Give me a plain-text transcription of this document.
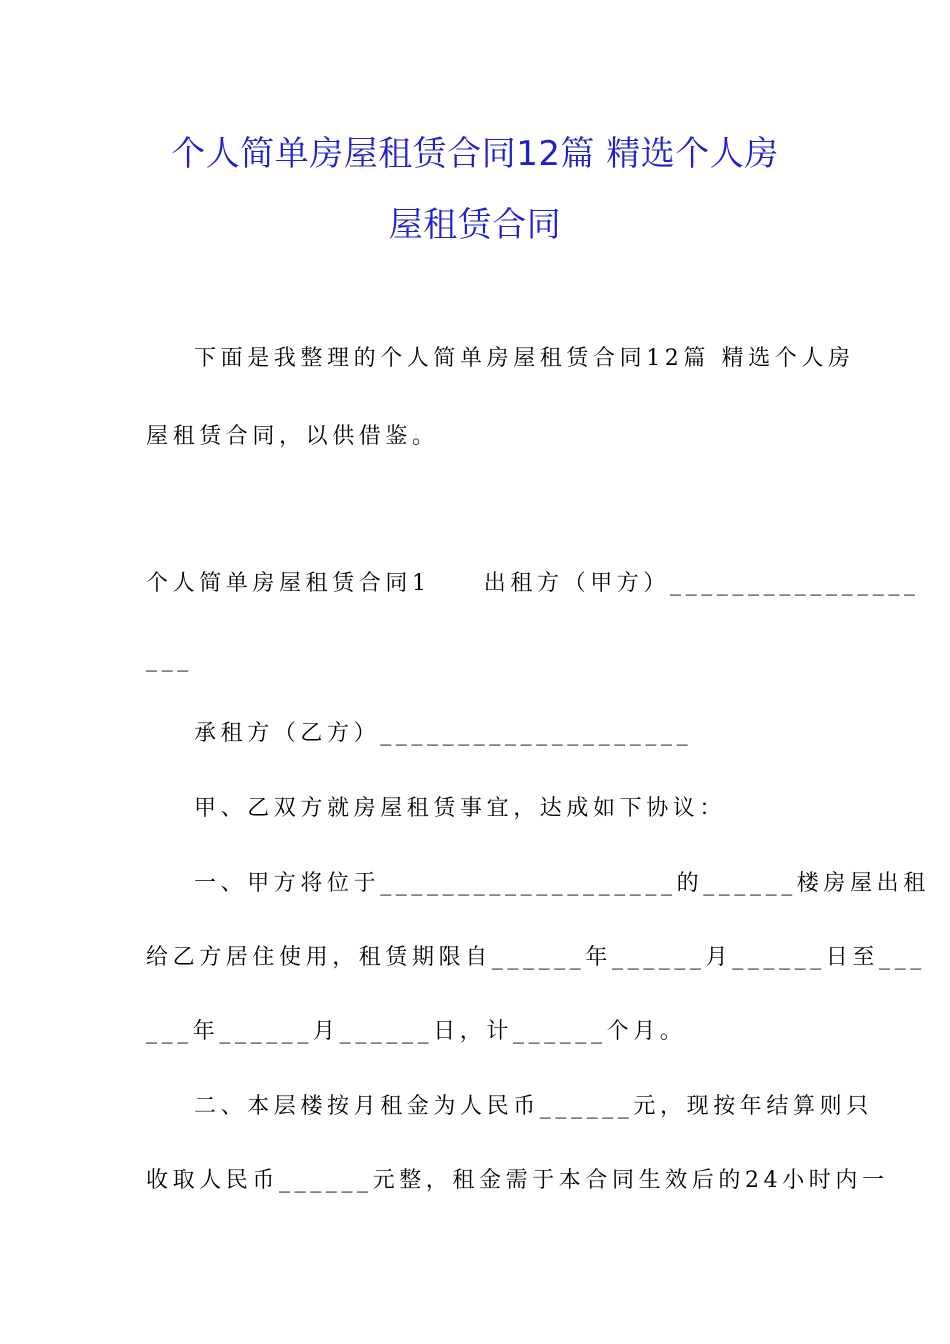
个人简单房屋租赁合同12篇 精选个人房
屋租赁合同
下面是我整理的个人简单房屋租赁合同12篇 精选个人房
屋租赁合同，以供借鉴。
个人简单房屋租赁合同1　　出租方（甲方）________________
___
承租方（乙方）____________________
甲、乙双方就房屋租赁事宜，达成如下协议：
一、甲方将位于___________________的______楼房屋出租
给乙方居住使用，租赁期限自______年______月______日至___
___年______月______日，计______个月。
二、本层楼按月租金为人民币______元，现按年结算则只
收取人民币______元整，租金需于本合同生效后的24小时内一
